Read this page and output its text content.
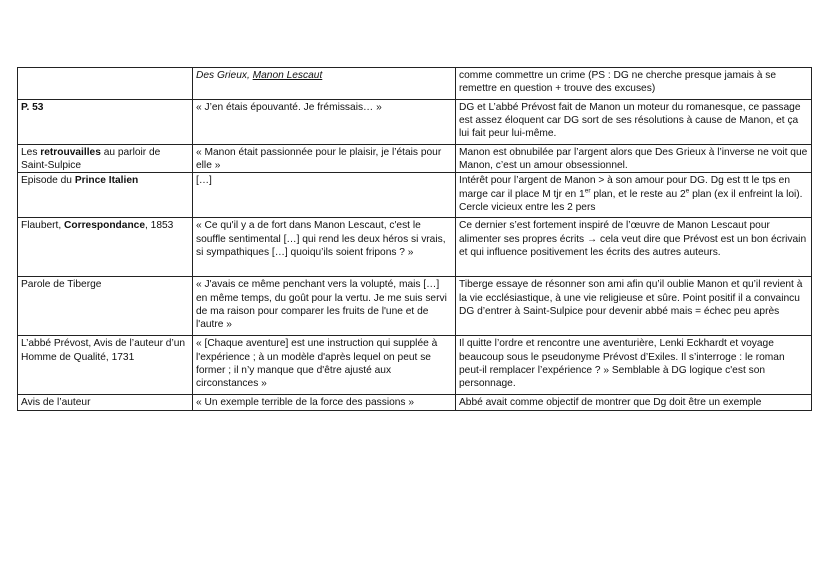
	Des Grieux, Manon Lescaut	comme commettre un crime (PS : DG ne cherche presque jamais à se remettre en question + trouve des excuses)
P. 53	« J’en étais épouvanté. Je frémissais… »	DG et L’abbé Prévost fait de Manon un moteur du romanesque, ce passage est assez éloquent car DG sort de ses résolutions à cause de Manon, et ça lui fait peur lui-même.
Les retrouvailles au parloir de Saint-Sulpice	« Manon était passionnée pour le plaisir, je l’étais pour elle »	Manon est obnubilée par l’argent alors que Des Grieux à l’inverse ne voit que Manon, c’est un amour obsessionnel.
Episode du Prince Italien	[…]	Intérêt pour l’argent de Manon > à son amour pour DG. Dg est tt le tps en marge car il place M tjr en 1er plan, et le reste au 2e plan (ex il enfreint la loi). Cercle vicieux entre les 2 pers
Flaubert, Correspondance, 1853	« Ce qu'il y a de fort dans Manon Lescaut, c'est le souffle sentimental […] qui rend les deux héros si vrais, si sympathiques […] quoiqu’ils soient fripons ? »	Ce dernier s’est fortement inspiré de l’œuvre de Manon Lescaut pour alimenter ses propres écrits → cela veut dire que Prévost est un bon écrivain et qui influence positivement les écrits des autres auteurs.
Parole de Tiberge	« J'avais ce même penchant vers la volupté, mais […] en même temps, du goût pour la vertu. Je me suis servi de ma raison pour comparer les fruits de l'une et de l'autre »	Tiberge essaye de résonner son ami afin qu’il oublie Manon et qu’il revient à la vie ecclésiastique, à une vie religieuse et sûre. Point positif il a convaincu DG d’entrer à Saint-Sulpice pour devenir abbé mais = échec peu après
L’abbé Prévost, Avis de l’auteur d’un Homme de Qualité, 1731	« [Chaque aventure] est une instruction qui supplée à l'expérience ; à un modèle d'après lequel on peut se former ; il n’y manque que d'être ajusté aux circonstances »	Il quitte l’ordre et rencontre une aventurière, Lenki Eckhardt et voyage beaucoup sous le pseudonyme Prévost d’Exiles. Il s’interroge : le roman peut-il remplacer l’expérience ? » Semblable à DG logique c'est son personnage.
Avis de l’auteur	« Un exemple terrible de la force des passions »	Abbé avait comme objectif de montrer que Dg doit être un exemple
